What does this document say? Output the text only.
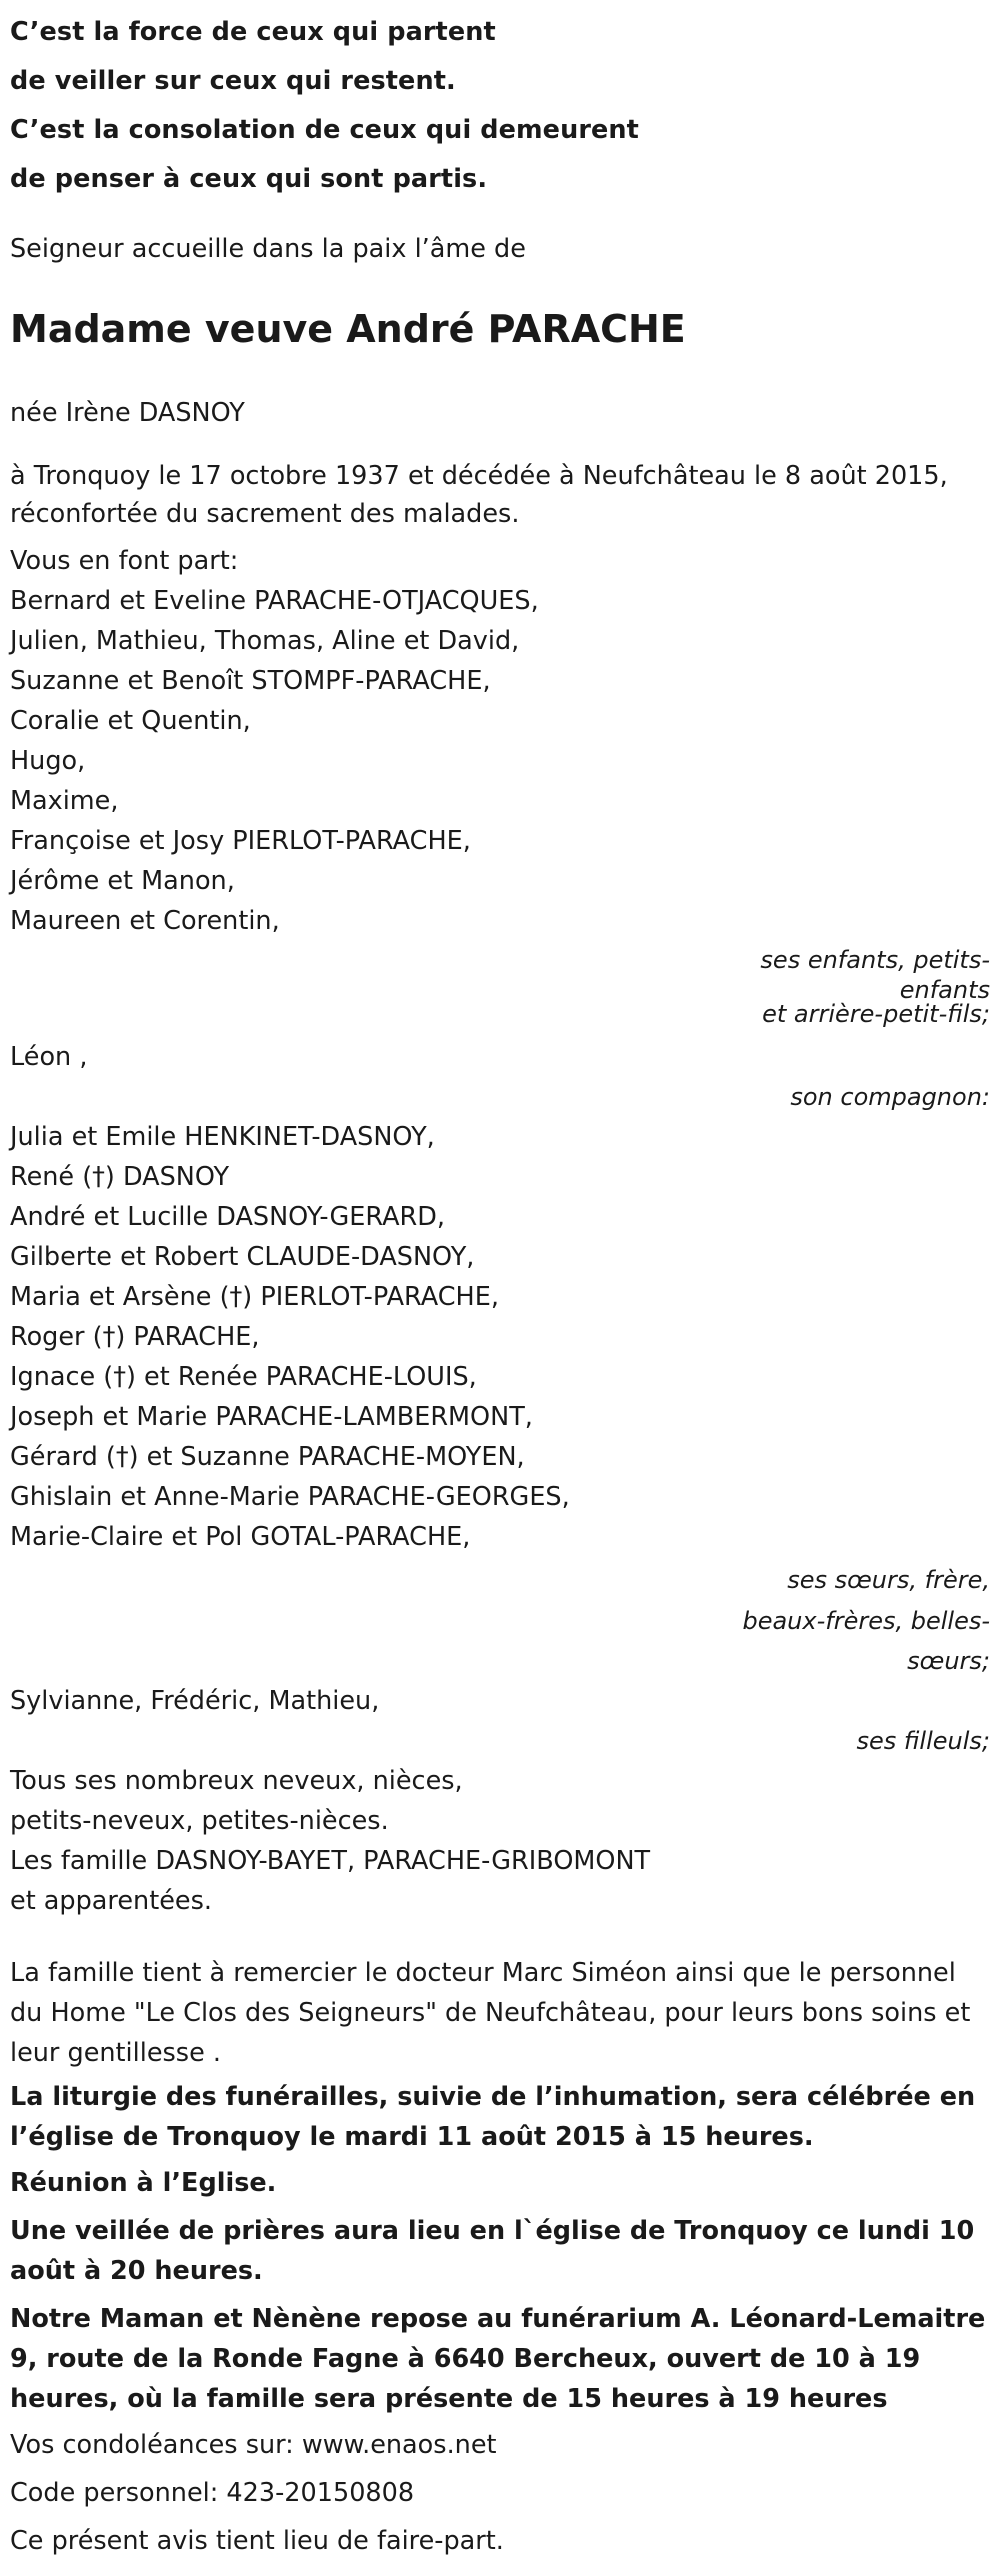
C’est la force de ceux qui partent
de veiller sur ceux qui restent.
C’est la consolation de ceux qui demeurent
de penser à ceux qui sont partis.
Seigneur accueille dans la paix l’âme de
Madame veuve André PARACHE
née Irène DASNOY
à Tronquoy le 17 octobre 1937 et décédée à Neufchâteau le 8 août 2015, réconfortée du sacrement des malades.
Vous en font part:
Bernard et Eveline PARACHE-OTJACQUES,
Julien, Mathieu, Thomas, Aline et David,
Suzanne et Benoît STOMPF-PARACHE,
Coralie et Quentin,
Hugo,
Maxime,
Françoise et Josy PIERLOT-PARACHE,
Jérôme et Manon,
Maureen et Corentin,
ses enfants, petits-
enfants
et arrière-petit-fils;
Léon ,
son compagnon:
Julia et Emile HENKINET-DASNOY,
René (†) DASNOY
André et Lucille DASNOY-GERARD,
Gilberte et Robert CLAUDE-DASNOY,
Maria et Arsène (†) PIERLOT-PARACHE,
Roger (†) PARACHE,
Ignace (†) et Renée PARACHE-LOUIS,
Joseph et Marie PARACHE-LAMBERMONT,
Gérard (†) et Suzanne PARACHE-MOYEN,
Ghislain et Anne-Marie PARACHE-GEORGES,
Marie-Claire et Pol GOTAL-PARACHE,
ses sœurs, frère,
beaux-frères, belles-
sœurs;
Sylvianne, Frédéric, Mathieu,
ses filleuls;
Tous ses nombreux neveux, nièces,
petits-neveux, petites-nièces.
Les famille DASNOY-BAYET, PARACHE-GRIBOMONT
et apparentées.
La famille tient à remercier le docteur Marc Siméon ainsi que le personnel du Home "Le Clos des Seigneurs" de Neufchâteau, pour leurs bons soins et leur gentillesse .
La liturgie des funérailles, suivie de l’inhumation, sera célébrée en l’église de Tronquoy le mardi 11 août 2015 à 15 heures.
Réunion à l’Eglise.
Une veillée de prières aura lieu en l`église de Tronquoy ce lundi 10 août à 20 heures.
Notre Maman et Nènène repose au funérarium A. Léonard-Lemaitre 9, route de la Ronde Fagne à 6640 Bercheux, ouvert de 10 à 19 heures, où la famille sera présente de 15 heures à 19 heures
Vos condoléances sur: www.enaos.net
Code personnel: 423-20150808
Ce présent avis tient lieu de faire-part.
